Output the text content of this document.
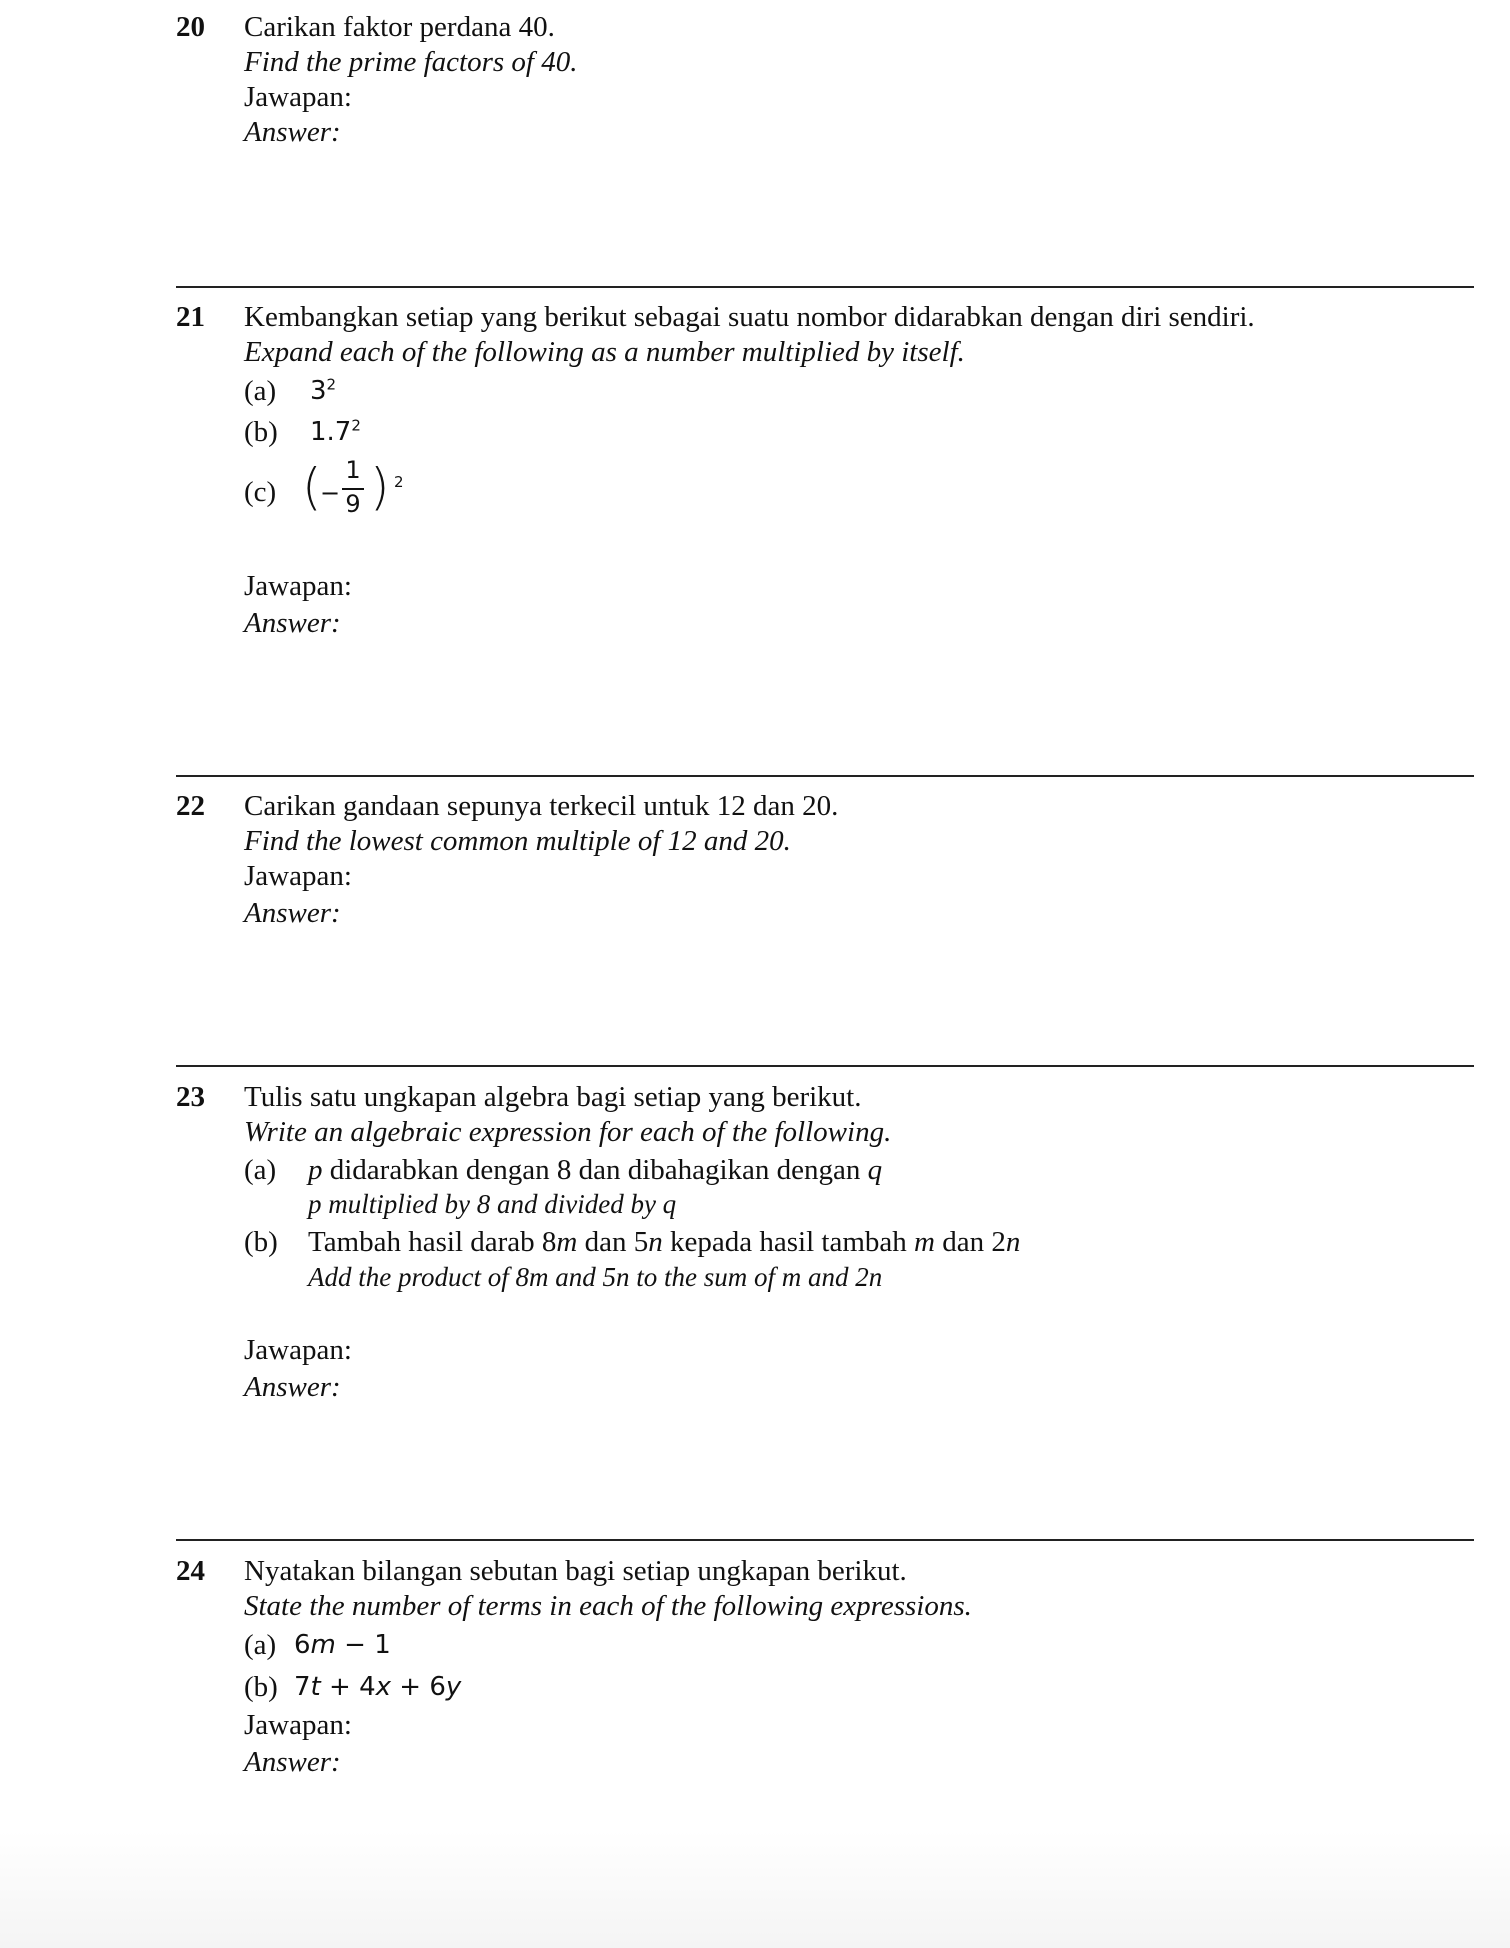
20 Carikan faktor perdana 40.
Find the prime factors of 40.
Jawapan:
Answer:
21 Kembangkan setiap yang berikut sebagai suatu nombor didarabkan dengan diri sendiri.
Expand each of the following as a number multiplied by itself.
(a) $3^2$
(b) $1.7^2$
(c) (
−
1
9 ) 2
Jawapan:
Answer:
22 Carikan gandaan sepunya terkecil untuk 12 dan 20.
Find the lowest common multiple of 12 and 20.
Jawapan:
Answer:
23 Tulis satu ungkapan algebra bagi setiap yang berikut.
Write an algebraic expression for each of the following.
(a) p didarabkan dengan 8 dan dibahagikan dengan q
p multiplied by 8 and divided by q
(b) Tambah hasil darab 8m dan 5n kepada hasil tambah m dan 2n
Add the product of 8m and 5n to the sum of m and 2n
Jawapan:
Answer:
24 Nyatakan bilangan sebutan bagi setiap ungkapan berikut.
State the number of terms in each of the following expressions.
(a) 6m − 1
(b) 7t + 4x + 6y
Jawapan:
Answer:
